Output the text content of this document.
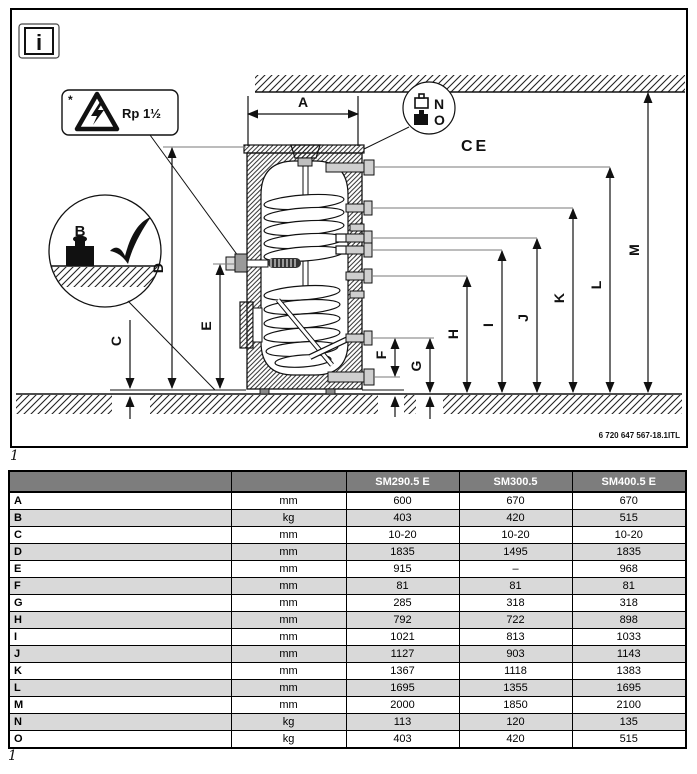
i
*
Rp 1½
B
A
C
D
E
F
G
H
I
J
K
L
M
N
O
CE
6 720 647 567-18.1ITL
1
		SM290.5 E	SM300.5	SM400.5 E
A	mm	600	670	670
B	kg	403	420	515
C	mm	10-20	10-20	10-20
D	mm	1835	1495	1835
E	mm	915	–	968
F	mm	81	81	81
G	mm	285	318	318
H	mm	792	722	898
I	mm	1021	813	1033
J	mm	1127	903	1143
K	mm	1367	1118	1383
L	mm	1695	1355	1695
M	mm	2000	1850	2100
N	kg	113	120	135
O	kg	403	420	515
1
